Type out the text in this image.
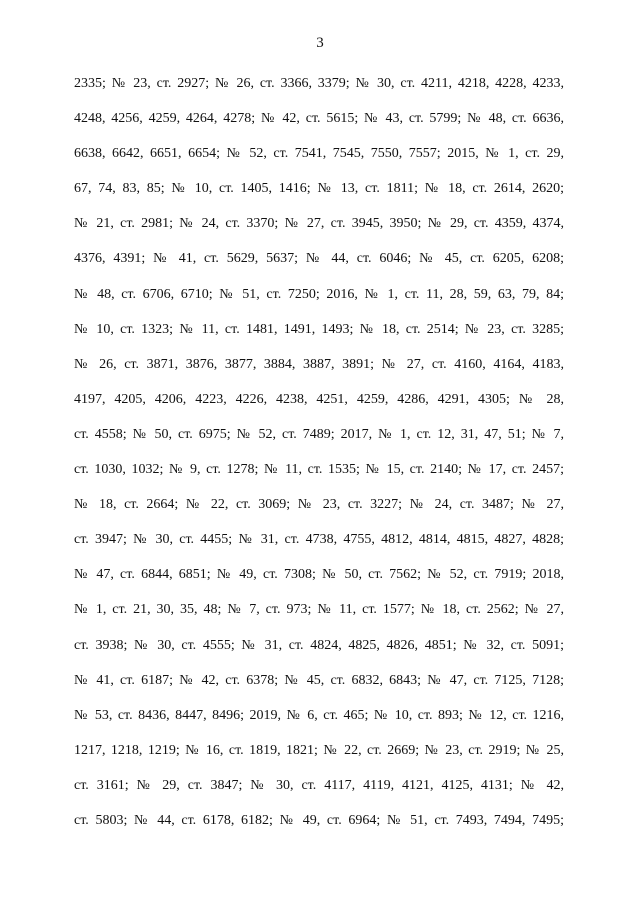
3
2335; № 23, ст. 2927; № 26, ст. 3366, 3379; № 30, ст. 4211, 4218, 4228, 4233,
4248, 4256, 4259, 4264, 4278; № 42, ст. 5615; № 43, ст. 5799; № 48, ст. 6636,
6638, 6642, 6651, 6654; № 52, ст. 7541, 7545, 7550, 7557; 2015, № 1, ст. 29,
67, 74, 83, 85; № 10, ст. 1405, 1416; № 13, ст. 1811; № 18, ст. 2614, 2620;
№ 21, ст. 2981; № 24, ст. 3370; № 27, ст. 3945, 3950; № 29, ст. 4359, 4374,
4376, 4391; № 41, ст. 5629, 5637; № 44, ст. 6046; № 45, ст. 6205, 6208;
№ 48, ст. 6706, 6710; № 51, ст. 7250; 2016, № 1, ст. 11, 28, 59, 63, 79, 84;
№ 10, ст. 1323; № 11, ст. 1481, 1491, 1493; № 18, ст. 2514; № 23, ст. 3285;
№ 26, ст. 3871, 3876, 3877, 3884, 3887, 3891; № 27, ст. 4160, 4164, 4183,
4197, 4205, 4206, 4223, 4226, 4238, 4251, 4259, 4286, 4291, 4305; № 28,
ст. 4558; № 50, ст. 6975; № 52, ст. 7489; 2017, № 1, ст. 12, 31, 47, 51; № 7,
ст. 1030, 1032; № 9, ст. 1278; № 11, ст. 1535; № 15, ст. 2140; № 17, ст. 2457;
№ 18, ст. 2664; № 22, ст. 3069; № 23, ст. 3227; № 24, ст. 3487; № 27,
ст. 3947; № 30, ст. 4455; № 31, ст. 4738, 4755, 4812, 4814, 4815, 4827, 4828;
№ 47, ст. 6844, 6851; № 49, ст. 7308; № 50, ст. 7562; № 52, ст. 7919; 2018,
№ 1, ст. 21, 30, 35, 48; № 7, ст. 973; № 11, ст. 1577; № 18, ст. 2562; № 27,
ст. 3938; № 30, ст. 4555; № 31, ст. 4824, 4825, 4826, 4851; № 32, ст. 5091;
№ 41, ст. 6187; № 42, ст. 6378; № 45, ст. 6832, 6843; № 47, ст. 7125, 7128;
№ 53, ст. 8436, 8447, 8496; 2019, № 6, ст. 465; № 10, ст. 893; № 12, ст. 1216,
1217, 1218, 1219; № 16, ст. 1819, 1821; № 22, ст. 2669; № 23, ст. 2919; № 25,
ст. 3161; № 29, ст. 3847; № 30, ст. 4117, 4119, 4121, 4125, 4131; № 42,
ст. 5803; № 44, ст. 6178, 6182; № 49, ст. 6964; № 51, ст. 7493, 7494, 7495;
